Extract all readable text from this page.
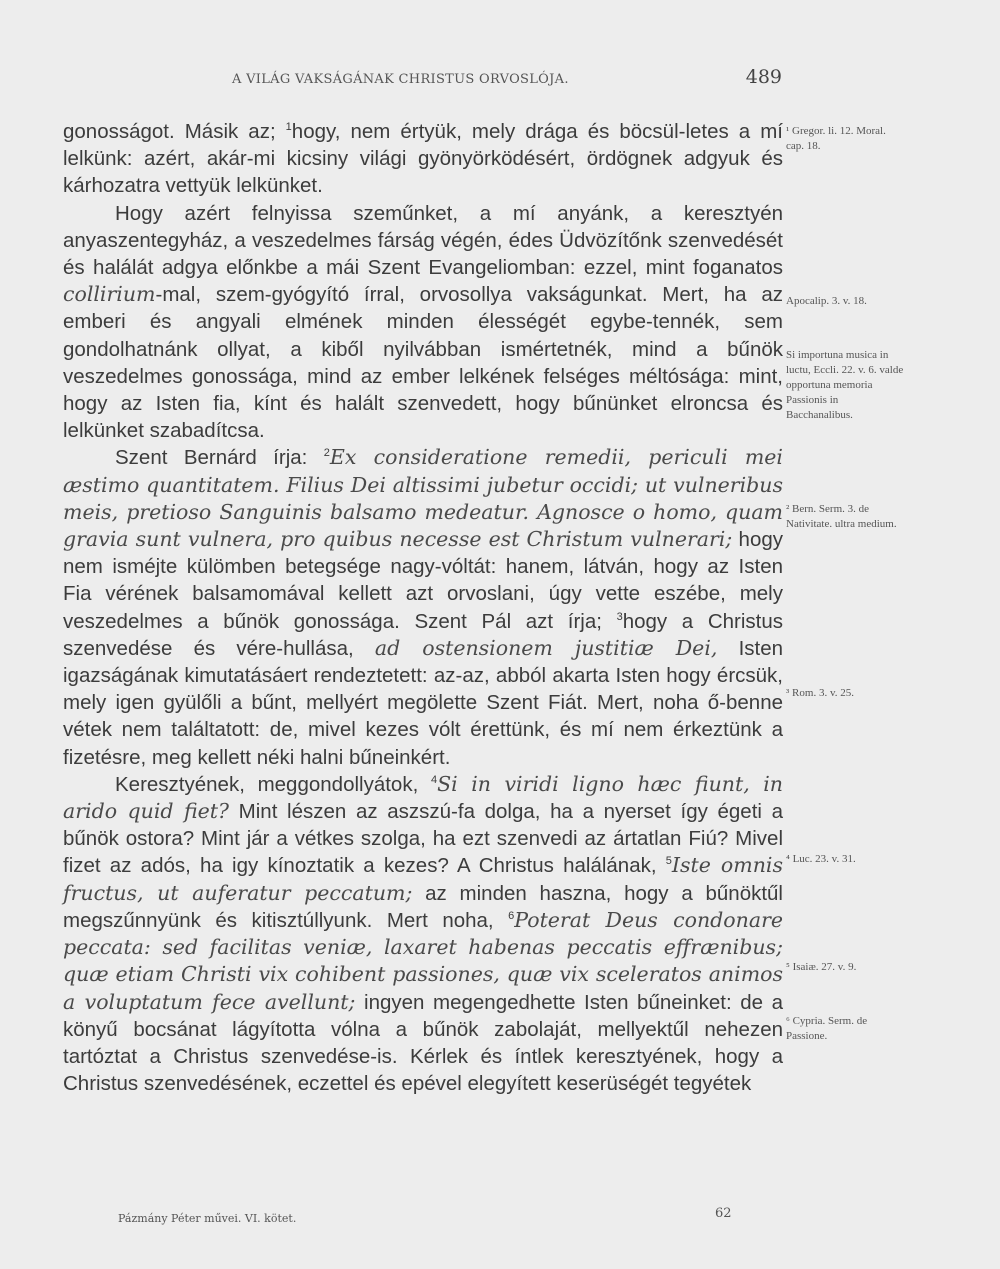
A VILÁG VAKSÁGÁNAK CHRISTUS ORVOSLÓJA.	489

gonosságot. Másik az; $^1$hogy, nem értyük, mely drága és böcsül-letes a mí lelkünk: azért, akár-mi kicsiny világi gyönyörködésért, ördögnek adgyuk és kárhozatra vettyük lelkünket.

Hogy azért felnyissa szeműnket, a mí anyánk, a keresztyén anyaszentegyház, a veszedelmes fárság végén, édes Üdvözítőnk szenvedését és halálát adgya előnkbe a mái Szent Evangeliomban: ezzel, mint foganatos collirium-mal, szem-gyógyító írral, orvosollya vakságunkat. Mert, ha az emberi és angyali elmének minden élességét egybe-tennék, sem gondolhatnánk ollyat, a kiből nyilvábban ismértetnék, mind a bűnök veszedelmes gonossága, mind az ember lelkének felséges méltósága: mint, hogy az Isten fia, kínt és halált szenvedett, hogy bűnünket elroncsa és lelkünket szabadítcsa.

Szent Bernárd írja: $^2$Ex consideratione remedii, periculi mei æstimo quantitatem. Filius Dei altissimi jubetur occidi; ut vulneribus meis, pretioso Sanguinis balsamo medeatur. Agnosce o homo, quam gravia sunt vulnera, pro quibus necesse est Christum vulnerari; hogy nem isméjte külömben betegsége nagy-vóltát: hanem, látván, hogy az Isten Fia vérének balsamomával kellett azt orvoslani, úgy vette eszébe, mely veszedelmes a bűnök gonossága. Szent Pál azt írja; $^3$hogy a Christus szenvedése és vére-hullása, ad ostensionem justitiæ Dei, Isten igazságának kimutatásáert rendeztetett: az-az, abból akarta Isten hogy ércsük, mely igen gyülőli a bűnt, mellyért megölette Szent Fiát. Mert, noha ő-benne vétek nem találtatott: de, mivel kezes vólt érettünk, és mí nem érkeztünk a fizetésre, meg kellett néki halni bűneinkért.

Keresztyének, meggondollyátok, $^4$Si in viridi ligno hæc fiunt, in arido quid fiet? Mint lészen az aszszú-fa dolga, ha a nyerset így égeti a bűnök ostora? Mint jár a vétkes szolga, ha ezt szenvedi az ártatlan Fiú? Mivel fizet az adós, ha igy kínoztatik a kezes? A Christus halálának, $^5$Iste omnis fructus, ut auferatur peccatum; az minden haszna, hogy a bűnöktűl megszűnnyünk és kitisztúllyunk. Mert noha, $^6$Poterat Deus condonare peccata: sed facilitas veniæ, laxaret habenas peccatis effrænibus; quæ etiam Christi vix cohibent passiones, quæ vix sceleratos animos a voluptatum fece avellunt; ingyen megengedhette Isten bűneinket: de a könyű bocsánat lágyította vólna a bűnök zabolaját, mellyektűl nehezen tartóztat a Christus szenvedése-is. Kérlek és íntlek keresztyének, hogy a Christus szenvedésének, eczettel és epével elegyített keserüségét tegyétek

¹ Gregor. li. 12. Moral. cap. 18.
Apocalip. 3. v. 18.
Si importuna musica in luctu, Eccli. 22. v. 6. valde opportuna memoria Passionis in Bacchanalibus.
² Bern. Serm. 3. de Nativitate. ultra medium.
³ Rom. 3. v. 25.
⁴ Luc. 23. v. 31.
⁵ Isaiæ. 27. v. 9.
⁶ Cypria. Serm. de Passione.
Pázmány Péter művei. VI. kötet.	62
